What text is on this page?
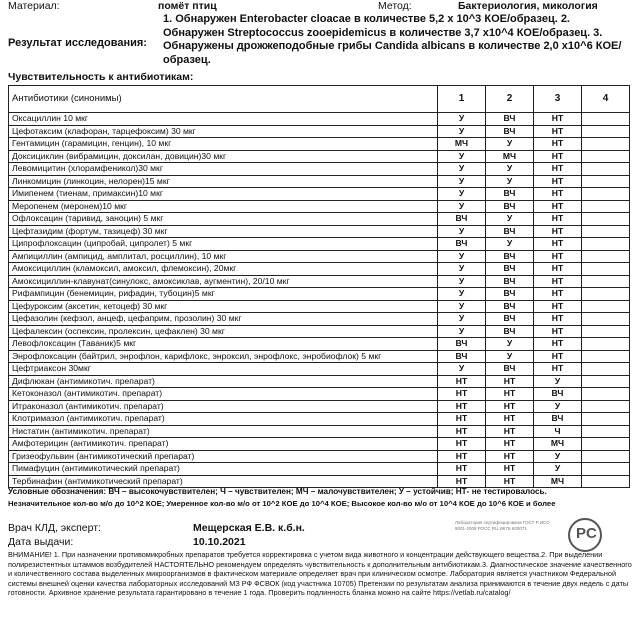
Материал:	помёт птиц	Метод:	Бактериология, микология
Результат исследования:
1. Обнаружен Enterobacter cloacae в количестве 5,2 x 10^3 КОЕ/образец. 2. Обнаружен Streptococcus zooepidemicus в количестве 3,7 x10^4 КОЕ/образец. 3. Обнаружены дрожжеподобные грибы Candida albicans в количестве 2,0 x10^6 КОЕ/образец.
Чувствительность к антибиотикам:
Антибиотики (синонимы)	1	2	3	4
Оксациллин 10 мкг	У	ВЧ	НТ	
Цефотаксим (клафоран, тарцефоксим) 30 мкг	У	ВЧ	НТ	
Гентамицин (гарамицин, генцин), 10 мкг	МЧ	У	НТ	
Доксициклин (вибрамицин, доксилан, довицин)30 мкг	У	МЧ	НТ	
Левомицитин (хлорамфеникол)30 мкг	У	У	НТ	
Линкомицин (линкоцин, нелорен)15 мкг	У	У	НТ	
Имипенем (тиенам, примаксин)10 мкг	У	ВЧ	НТ	
Меропенем (меронем)10 мкг	У	ВЧ	НТ	
Офлоксацин (таривид, заноцин) 5 мкг	ВЧ	У	НТ	
Цефтазидим (фортум, тазицеф) 30 мкг	У	ВЧ	НТ	
Ципрофлоксацин (ципробай, ципролет) 5 мкг	ВЧ	У	НТ	
Ампициллин (ампицид, амплитал, росциллин), 10 мкг	У	ВЧ	НТ	
Амоксициллин (кламоксил, амоксил, флемоксин), 20мкг	У	ВЧ	НТ	
Амоксициллин-клавунат(синулокс, амоксиклав, аугментин), 20/10 мкг	У	ВЧ	НТ	
Рифампицин (бенемицин, рифадин, тубоцин)5 мкг	У	ВЧ	НТ	
Цефуроксим (аксетин, кетоцеф) 30 мкг	У	ВЧ	НТ	
Цефазолин (кефзол, анцеф, цефаприм, прозолин) 30 мкг	У	ВЧ	НТ	
Цефалексин (оспексин, пролексин, цефаклен) 30 мкг	У	ВЧ	НТ	
Левофлоксацин (Таваник)5 мкг	ВЧ	У	НТ	
Энрофлоксацин (байтрил, энрофлон, карифлокс, энроксил, энрофлокс, энробиофлок) 5 мкг	ВЧ	У	НТ	
Цефтриаксон 30мкг	У	ВЧ	НТ	
Дифлюкан (антимикотич. препарат)	НТ	НТ	У	
Кетоконазол (антимикотич. препарат)	НТ	НТ	ВЧ	
Итраконазол (антимикотич. препарат)	НТ	НТ	У	
Клотримазол (антимикотич. препарат)	НТ	НТ	ВЧ	
Нистатин (антимикотич. препарат)	НТ	НТ	Ч	
Амфотерицин (антимикотич. препарат)	НТ	НТ	МЧ	
Гризеофульвин (антимикотический препарат)	НТ	НТ	У	
Пимафуцин (антимикотический препарат)	НТ	НТ	У	
Тербинафин (антимикотический препарат)	НТ	НТ	МЧ	
Условные обозначения: ВЧ – высокочувствителен; Ч – чувствителен; МЧ – малочувствителен; У – устойчив; НТ- не тестировалось.
Незначительное кол-во м/о до 10^2 КОЕ; Умеренное кол-во м/о от 10^2 КОЕ до 10^4 КОЕ; Высокое кол-во м/о от 10^4 КОЕ до 10^6 КОЕ и более
Врач КЛД, эксперт:	Мещерская Е.В. к.б.н.
Дата выдачи:	10.10.2021
Лаборатория сертифицирована ГОСТ Р ИСО 9001-2008 РОСС RU.ИК76.К00071	PC
ВНИМАНИЕ! 1. При назначении противомикробных препаратов требуется корректировка с учетом вида животного и концентрации действующего вещества.2. При выделении полирезистентных штаммов возбудителей НАСТОЯТЕЛЬНО рекомендуем определять чувствительность к дополнительным антибиотикам.3. Диагностическое значение качественного и количественного состава выделенных микроорганизмов в фактическом материале определяет врач при клиническом осмотре. Лаборатория является участником Федеральной системы внешней оценки качества лабораторных исследований МЗ РФ ФСВОК (код участника 10705) Претензии по результатам анализа принимаются в течение двух недель с даты готовности. Архивное хранение результата гарантировано в течение 1 года. Проверить подлинность бланка можно на сайте https://vetlab.ru/catalog/
